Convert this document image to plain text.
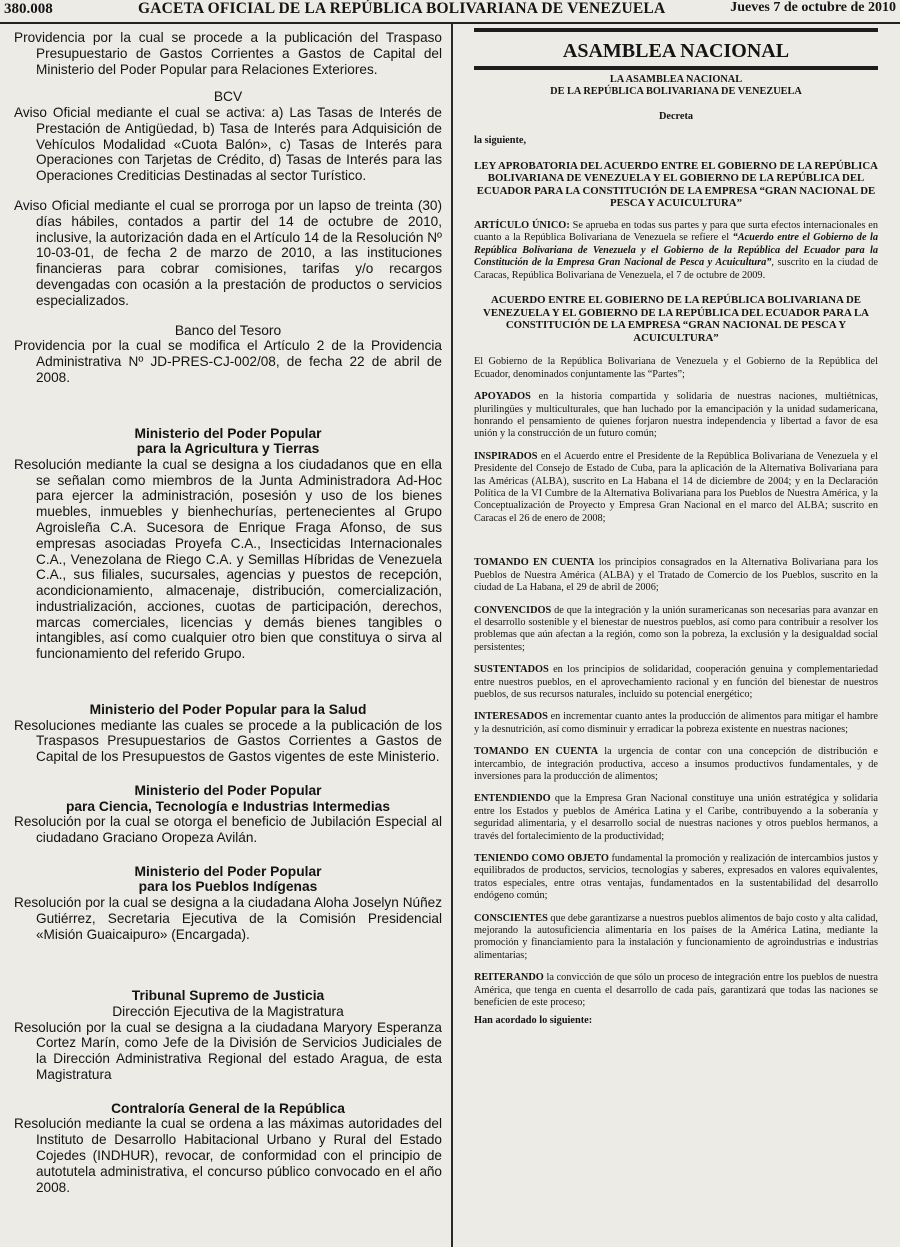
380.008	GACETA OFICIAL DE LA REPÚBLICA BOLIVARIANA DE VENEZUELA	Jueves 7 de octubre de 2010

Providencia por la cual se procede a la publicación del Traspaso Presupuestario de Gastos Corrientes a Gastos de Capital del Ministerio del Poder Popular para Relaciones Exteriores.

BCV

Aviso Oficial mediante el cual se activa: a) Las Tasas de Interés de Prestación de Antigüedad, b) Tasa de Interés para Adquisición de Vehículos Modalidad «Cuota Balón», c) Tasas de Interés para Operaciones con Tarjetas de Crédito, d) Tasas de Interés para las Operaciones Crediticias Destinadas al sector Turístico.

Aviso Oficial mediante el cual se prorroga por un lapso de treinta (30) días hábiles, contados a partir del 14 de octubre de 2010, inclusive, la autorización dada en el Artículo 14 de la Resolución Nº 10-03-01, de fecha 2 de marzo de 2010, a las instituciones financieras para cobrar comisiones, tarifas y/o recargos devengadas con ocasión a la prestación de productos o servicios especializados.

Banco del Tesoro

Providencia por la cual se modifica el Artículo 2 de la Providencia Administrativa Nº JD-PRES-CJ-002/08, de fecha 22 de abril de 2008.

Ministerio del Poder Popular
para la Agricultura y Tierras

Resolución mediante la cual se designa a los ciudadanos que en ella se señalan como miembros de la Junta Administradora Ad-Hoc para ejercer la administración, posesión y uso de los bienes muebles, inmuebles y bienhechurías, pertenecientes al Grupo Agroisleña C.A. Sucesora de Enrique Fraga Afonso, de sus empresas asociadas Proyefa C.A., Insecticidas Internacionales C.A., Venezolana de Riego C.A. y Semillas Híbridas de Venezuela C.A., sus filiales, sucursales, agencias y puestos de recepción, acondicionamiento, almacenaje, distribución, comercialización, industrialización, acciones, cuotas de participación, derechos, marcas comerciales, licencias y demás bienes tangibles o intangibles, así como cualquier otro bien que constituya o sirva al funcionamiento del referido Grupo.

Ministerio del Poder Popular para la Salud

Resoluciones mediante las cuales se procede a la publicación de los Traspasos Presupuestarios de Gastos Corrientes a Gastos de Capital de los Presupuestos de Gastos vigentes de este Ministerio.

Ministerio del Poder Popular
para Ciencia, Tecnología e Industrias Intermedias

Resolución por la cual se otorga el beneficio de Jubilación Especial al ciudadano Graciano Oropeza Avilán.

Ministerio del Poder Popular
para los Pueblos Indígenas

Resolución por la cual se designa a la ciudadana Aloha Joselyn Núñez Gutiérrez, Secretaria Ejecutiva de la Comisión Presidencial «Misión Guaicaipuro» (Encargada).

Tribunal Supremo de Justicia

Dirección Ejecutiva de la Magistratura

Resolución por la cual se designa a la ciudadana Maryory Esperanza Cortez Marín, como Jefe de la División de Servicios Judiciales de la Dirección Administrativa Regional del estado Aragua, de esta Magistratura

Contraloría General de la República

Resolución mediante la cual se ordena a las máximas autoridades del Instituto de Desarrollo Habitacional Urbano y Rural del Estado Cojedes (INDHUR), revocar, de conformidad con el principio de autotutela administrativa, el concurso público convocado en el año 2008.

ASAMBLEA NACIONAL

LA ASAMBLEA NACIONAL

DE LA REPÚBLICA BOLIVARIANA DE VENEZUELA

Decreta

la siguiente,

LEY APROBATORIA DEL ACUERDO ENTRE EL GOBIERNO DE LA REPÚBLICA BOLIVARIANA DE VENEZUELA Y EL GOBIERNO DE LA REPÚBLICA DEL ECUADOR PARA LA CONSTITUCIÓN DE LA EMPRESA “GRAN NACIONAL DE PESCA Y ACUICULTURA”

ARTÍCULO ÚNICO: Se aprueba en todas sus partes y para que surta efectos internacionales en cuanto a la República Bolivariana de Venezuela se refiere el “Acuerdo entre el Gobierno de la República Bolivariana de Venezuela y el Gobierno de la República del Ecuador para la Constitución de la Empresa Gran Nacional de Pesca y Acuicultura”, suscrito en la ciudad de Caracas, República Bolivariana de Venezuela, el 7 de octubre de 2009.

ACUERDO ENTRE EL GOBIERNO DE LA REPÚBLICA BOLIVARIANA DE VENEZUELA Y EL GOBIERNO DE LA REPÚBLICA DEL ECUADOR PARA LA CONSTITUCIÓN DE LA EMPRESA “GRAN NACIONAL DE PESCA Y ACUICULTURA”

El Gobierno de la República Bolivariana de Venezuela y el Gobierno de la República del Ecuador, denominados conjuntamente las “Partes”;

APOYADOS en la historia compartida y solidaria de nuestras naciones, multiétnicas, plurilingües y multiculturales, que han luchado por la emancipación y la unidad sudamericana, honrando el pensamiento de quienes forjaron nuestra independencia y libertad a favor de esa unión y la construcción de un futuro común;

INSPIRADOS en el Acuerdo entre el Presidente de la República Bolivariana de Venezuela y el Presidente del Consejo de Estado de Cuba, para la aplicación de la Alternativa Bolivariana para las Américas (ALBA), suscrito en La Habana el 14 de diciembre de 2004; y en la Declaración Política de la VI Cumbre de la Alternativa Bolivariana para los Pueblos de Nuestra América, y la Conceptualización de Proyecto y Empresa Gran Nacional en el marco del ALBA; suscrito en Caracas el 26 de enero de 2008;

TOMANDO EN CUENTA los principios consagrados en la Alternativa Bolivariana para los Pueblos de Nuestra América (ALBA) y el Tratado de Comercio de los Pueblos, suscrito en la ciudad de La Habana, el 29 de abril de 2006;

CONVENCIDOS de que la integración y la unión suramericanas son necesarias para avanzar en el desarrollo sostenible y el bienestar de nuestros pueblos, así como para contribuir a resolver los problemas que aún afectan a la región, como son la pobreza, la exclusión y la desigualdad social persistentes;

SUSTENTADOS en los principios de solidaridad, cooperación genuina y complementariedad entre nuestros pueblos, en el aprovechamiento racional y en función del bienestar de nuestros pueblos, de sus recursos naturales, incluido su potencial energético;

INTERESADOS en incrementar cuanto antes la producción de alimentos para mitigar el hambre y la desnutrición, así como disminuir y erradicar la pobreza existente en nuestras naciones;

TOMANDO EN CUENTA la urgencia de contar con una concepción de distribución e intercambio, de integración productiva, acceso a insumos productivos fundamentales, y de inversiones para la producción de alimentos;

ENTENDIENDO que la Empresa Gran Nacional constituye una unión estratégica y solidaria entre los Estados y pueblos de América Latina y el Caribe, contribuyendo a la soberanía y seguridad alimentaria, y el desarrollo social de nuestras naciones y otros pueblos hermanos, a través del fortalecimiento de la productividad;

TENIENDO COMO OBJETO fundamental la promoción y realización de intercambios justos y equilibrados de productos, servicios, tecnologías y saberes, expresados en valores equivalentes, tratos especiales, entre otras ventajas, fundamentados en la sustentabilidad del desarrollo endógeno común;

CONSCIENTES que debe garantizarse a nuestros pueblos alimentos de bajo costo y alta calidad, mejorando la autosuficiencia alimentaria en los países de la América Latina, mediante la promoción y financiamiento para la instalación y funcionamiento de agroindustrias e industrias alimentarias;

REITERANDO la convicción de que sólo un proceso de integración entre los pueblos de nuestra América, que tenga en cuenta el desarrollo de cada país, garantizará que todas las naciones se beneficien de este proceso;

Han acordado lo siguiente:
